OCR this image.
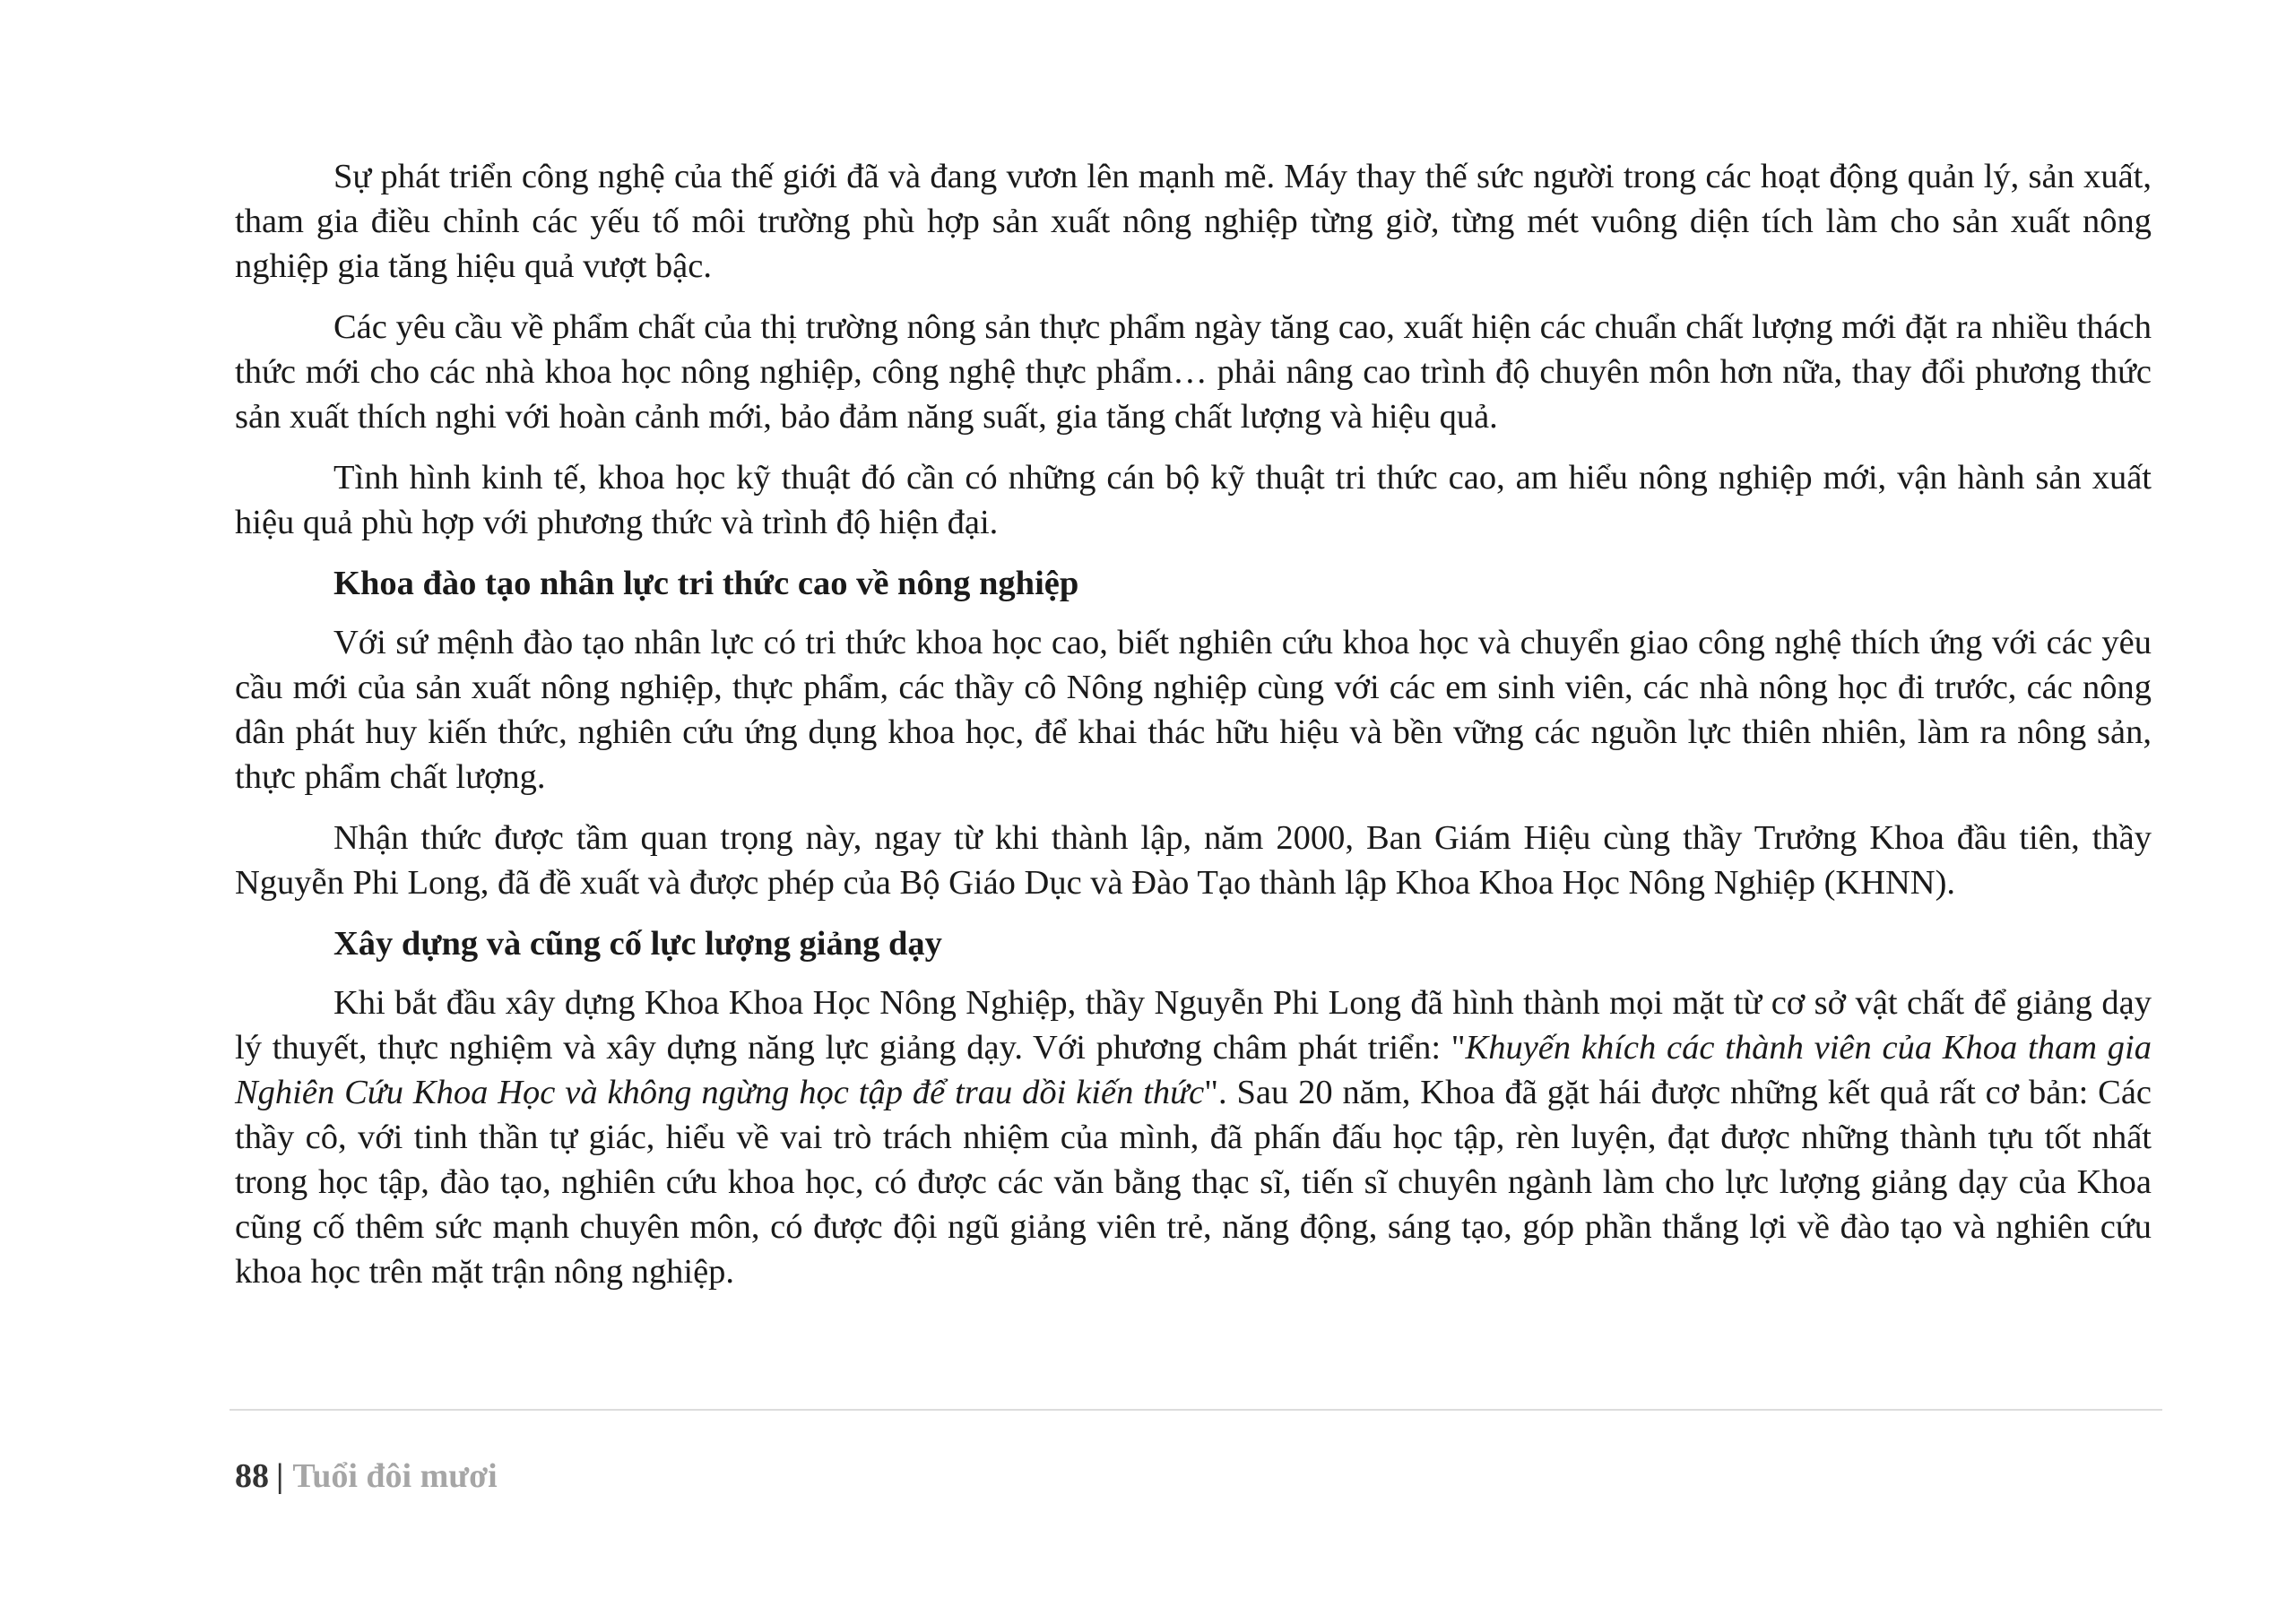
Sự phát triển công nghệ của thế giới đã và đang vươn lên mạnh mẽ. Máy thay thế sức người trong các hoạt động quản lý, sản xuất, tham gia điều chỉnh các yếu tố môi trường phù hợp sản xuất nông nghiệp từng giờ, từng mét vuông diện tích làm cho sản xuất nông nghiệp gia tăng hiệu quả vượt bậc.

Các yêu cầu về phẩm chất của thị trường nông sản thực phẩm ngày tăng cao, xuất hiện các chuẩn chất lượng mới đặt ra nhiều thách thức mới cho các nhà khoa học nông nghiệp, công nghệ thực phẩm… phải nâng cao trình độ chuyên môn hơn nữa, thay đổi phương thức sản xuất thích nghi với hoàn cảnh mới, bảo đảm năng suất, gia tăng chất lượng và hiệu quả.

Tình hình kinh tế, khoa học kỹ thuật đó cần có những cán bộ kỹ thuật tri thức cao, am hiểu nông nghiệp mới, vận hành sản xuất hiệu quả phù hợp với phương thức và trình độ hiện đại.

Khoa đào tạo nhân lực tri thức cao về nông nghiệp

Với sứ mệnh đào tạo nhân lực có tri thức khoa học cao, biết nghiên cứu khoa học và chuyển giao công nghệ thích ứng với các yêu cầu mới của sản xuất nông nghiệp, thực phẩm, các thầy cô Nông nghiệp cùng với các em sinh viên, các nhà nông học đi trước, các nông dân phát huy kiến thức, nghiên cứu ứng dụng khoa học, để khai thác hữu hiệu và bền vững các nguồn lực thiên nhiên, làm ra nông sản, thực phẩm chất lượng.

Nhận thức được tầm quan trọng này, ngay từ khi thành lập, năm 2000, Ban Giám Hiệu cùng thầy Trưởng Khoa đầu tiên, thầy Nguyễn Phi Long, đã đề xuất và được phép của Bộ Giáo Dục và Đào Tạo thành lập Khoa Khoa Học Nông Nghiệp (KHNN).

Xây dựng và cũng cố lực lượng giảng dạy

Khi bắt đầu xây dựng Khoa Khoa Học Nông Nghiệp, thầy Nguyễn Phi Long đã hình thành mọi mặt từ cơ sở vật chất để giảng dạy lý thuyết, thực nghiệm và xây dựng năng lực giảng dạy. Với phương châm phát triển: "Khuyến khích các thành viên của Khoa tham gia Nghiên Cứu Khoa Học và không ngừng học tập để trau dồi kiến thức". Sau 20 năm, Khoa đã gặt hái được những kết quả rất cơ bản: Các thầy cô, với tinh thần tự giác, hiểu về vai trò trách nhiệm của mình, đã phấn đấu học tập, rèn luyện, đạt được những thành tựu tốt nhất trong học tập, đào tạo, nghiên cứu khoa học, có được các văn bằng thạc sĩ, tiến sĩ chuyên ngành làm cho lực lượng giảng dạy của Khoa cũng cố thêm sức mạnh chuyên môn, có được đội ngũ giảng viên trẻ, năng động, sáng tạo, góp phần thắng lợi về đào tạo và nghiên cứu khoa học trên mặt trận nông nghiệp.

88 | Tuổi đôi mươi
